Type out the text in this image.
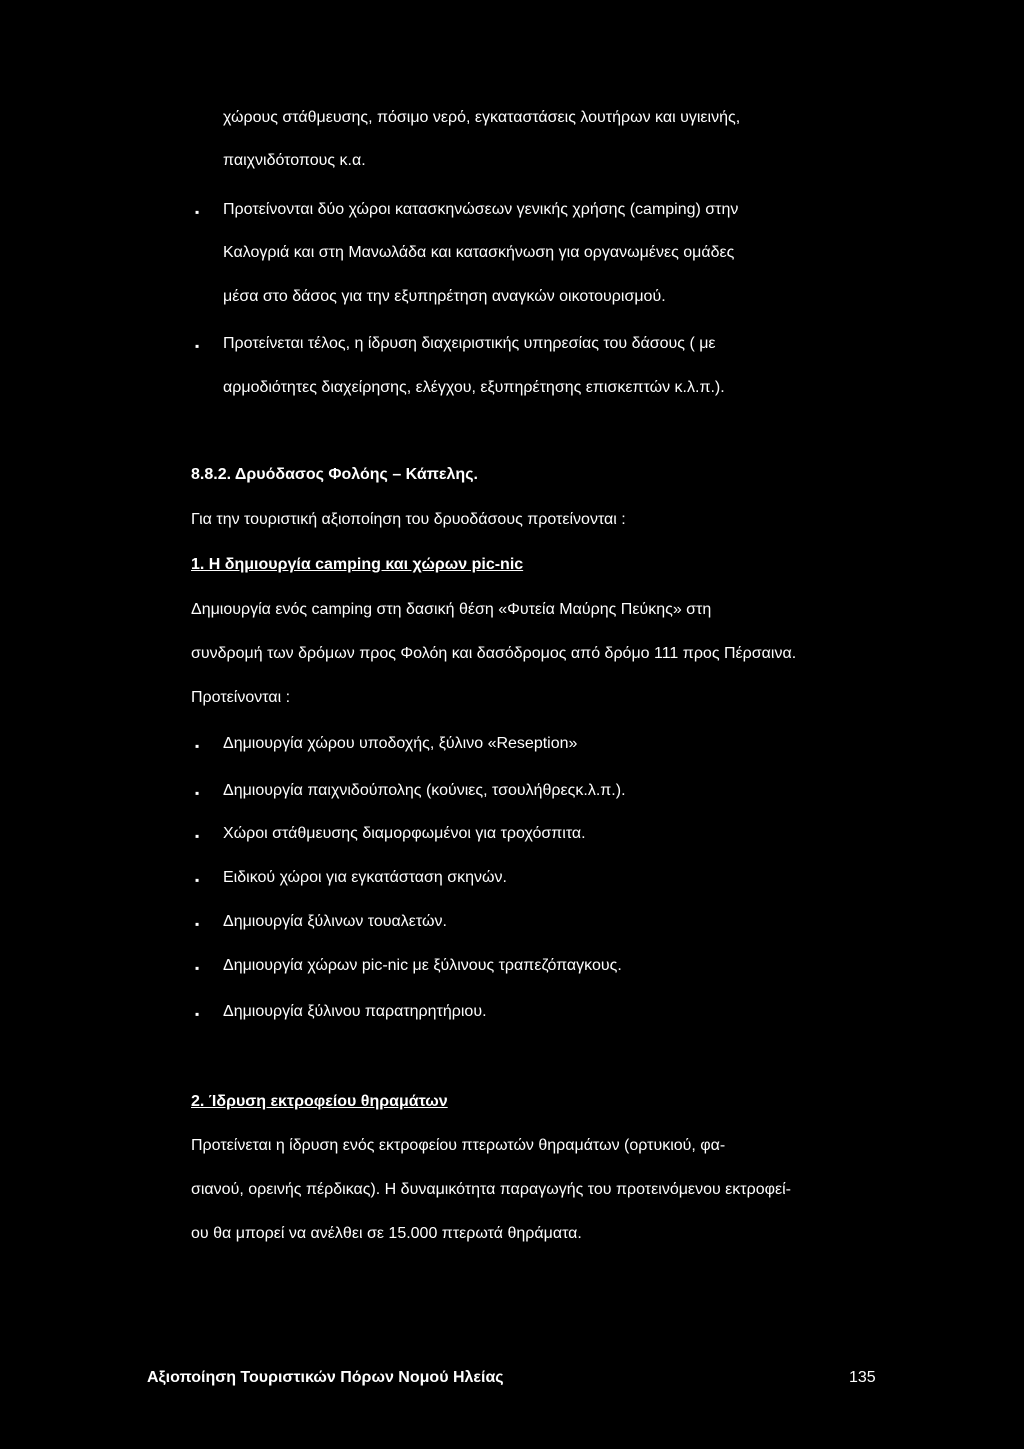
χώρους στάθμευσης, πόσιμο νερό, εγκαταστάσεις λουτήρων και υγιεινής,
παιχνιδότοπους κ.α.
▪ Προτείνονται δύο χώροι κατασκηνώσεων γενικής χρήσης (camping) στην
Καλογριά και στη Μανωλάδα και κατασκήνωση για οργανωμένες ομάδες
μέσα στο δάσος για την εξυπηρέτηση αναγκών οικοτουρισμού.
▪ Προτείνεται τέλος, η ίδρυση διαχειριστικής υπηρεσίας του δάσους ( με
αρμοδιότητες διαχείρησης, ελέγχου, εξυπηρέτησης επισκεπτών κ.λ.π.).
8.8.2. Δρυόδασος Φολόης – Κάπελης.
Για την τουριστική αξιοποίηση του δρυοδάσους προτείνονται :
1. Η δημιουργία camping και χώρων pic-nic
Δημιουργία ενός camping στη δασική θέση «Φυτεία Μαύρης Πεύκης» στη
συνδρομή των δρόμων προς Φολόη και δασόδρομος από δρόμο 111 προς Πέρσαινα.
Προτείνονται :
▪ Δημιουργία χώρου υποδοχής, ξύλινο «Reseption»
▪ Δημιουργία παιχνιδούπολης (κούνιες, τσουλήθρεςκ.λ.π.).
▪ Χώροι στάθμευσης διαμορφωμένοι για τροχόσπιτα.
▪ Ειδικού χώροι για εγκατάσταση σκηνών.
▪ Δημιουργία ξύλινων τουαλετών.
▪ Δημιουργία χώρων pic-nic με ξύλινους τραπεζόπαγκους.
▪ Δημιουργία ξύλινου παρατηρητήριου.
2. Ίδρυση εκτροφείου θηραμάτων
Προτείνεται η ίδρυση ενός εκτροφείου πτερωτών θηραμάτων (ορτυκιού, φα-
σιανού, ορεινής πέρδικας). Η δυναμικότητα παραγωγής του προτεινόμενου εκτροφεί-
ου θα μπορεί να ανέλθει σε 15.000 πτερωτά θηράματα.
Αξιοποίηση Τουριστικών Πόρων Νομού Ηλείας	135
